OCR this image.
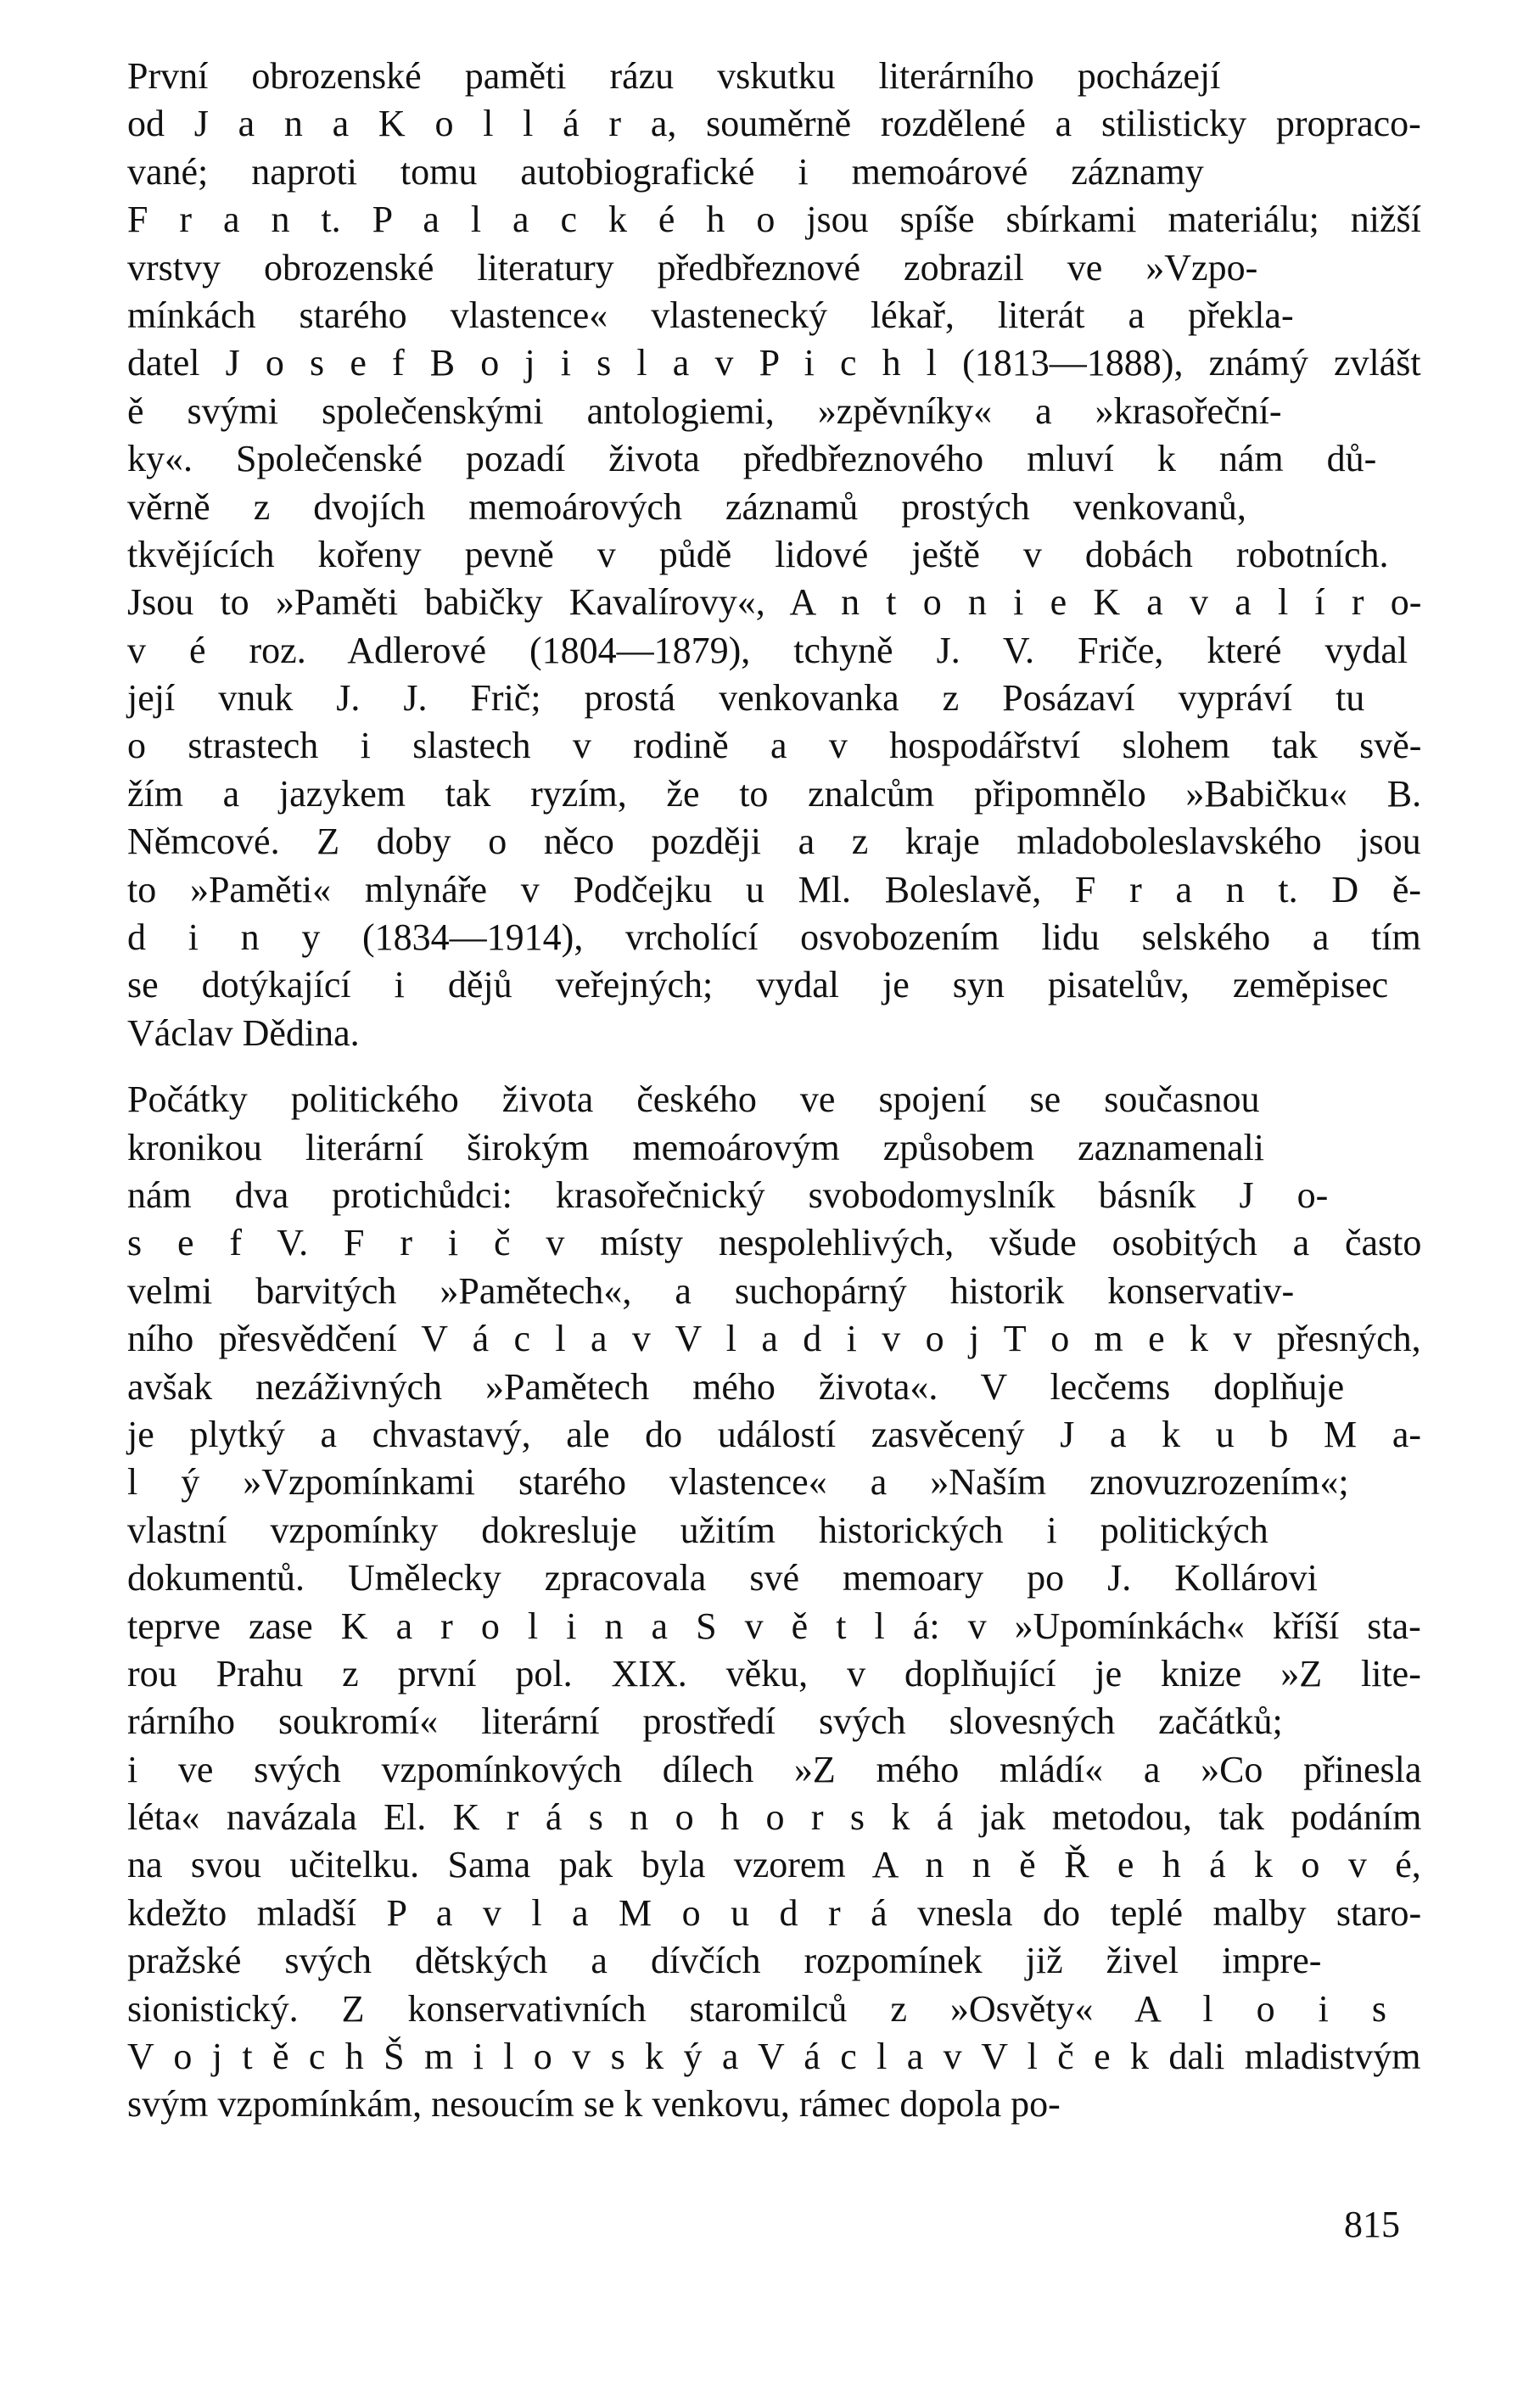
První obrozenské paměti rázu vskutku literárního pocházejí
od J a n a K o l l á r a, souměrně rozdělené a stilisticky propraco-
vané; naproti tomu autobiografické i memoárové záznamy
F r a n t. P a l a c k é h o jsou spíše sbírkami materiálu; nižší
vrstvy obrozenské literatury předbřeznové zobrazil ve »Vzpo-
mínkách starého vlastence« vlastenecký lékař, literát a překla-
datel J o s e f B o j i s l a v P i c h l (1813—1888), známý zvlášt
ě svými společenskými antologiemi, »zpěvníky« a »krasořeční-
ky«. Společenské pozadí života předbřeznového mluví k nám dů-
věrně z dvojích memoárových záznamů prostých venkovanů,
tkvějících kořeny pevně v půdě lidové ještě v dobách robotních.
Jsou to »Paměti babičky Kavalírovy«, A n t o n i e K a v a l í r o-
v é roz. Adlerové (1804—1879), tchyně J. V. Friče, které vydal
její vnuk J. J. Frič; prostá venkovanka z Posázaví vypráví tu
o strastech i slastech v rodině a v hospodářství slohem tak svě-
žím a jazykem tak ryzím, že to znalcům připomnělo »Babičku« B.
Němcové. Z doby o něco později a z kraje mladoboleslavského jsou
to »Paměti« mlynáře v Podčejku u Ml. Boleslavě, F r a n t. D ě-
d i n y (1834—1914), vrcholící osvobozením lidu selského a tím
se dotýkající i dějů veřejných; vydal je syn pisatelův, zeměpisec
Václav Dědina.
Počátky politického života českého ve spojení se současnou
kronikou literární širokým memoárovým způsobem zaznamenali
nám dva protichůdci: krasořečnický svobodomyslník básník J o-
s e f V. F r i č v místy nespolehlivých, všude osobitých a často
velmi barvitých »Pamětech«, a suchopárný historik konservativ-
ního přesvědčení V á c l a v V l a d i v o j T o m e k v přesných,
avšak nezáživných »Pamětech mého života«. V lecčems doplňuje
je plytký a chvastavý, ale do událostí zasvěcený J a k u b M a-
l ý »Vzpomínkami starého vlastence« a »Naším znovuzrozením«;
vlastní vzpomínky dokresluje užitím historických i politických
dokumentů. Umělecky zpracovala své memoary po J. Kollárovi
teprve zase K a r o l i n a S v ě t l á: v »Upomínkách« kříší sta-
rou Prahu z první pol. XIX. věku, v doplňující je knize »Z lite-
rárního soukromí« literární prostředí svých slovesných začátků;
i ve svých vzpomínkových dílech »Z mého mládí« a »Co přinesla
léta« navázala El. K r á s n o h o r s k á jak metodou, tak podáním
na svou učitelku. Sama pak byla vzorem A n n ě Ř e h á k o v é,
kdežto mladší P a v l a M o u d r á vnesla do teplé malby staro-
pražské svých dětských a dívčích rozpomínek již živel impre-
sionistický. Z konservativních staromilců z »Osvěty« A l o i s
V o j t ě c h Š m i l o v s k ý a V á c l a v V l č e k dali mladistvým
svým vzpomínkám, nesoucím se k venkovu, rámec dopola po-
815
